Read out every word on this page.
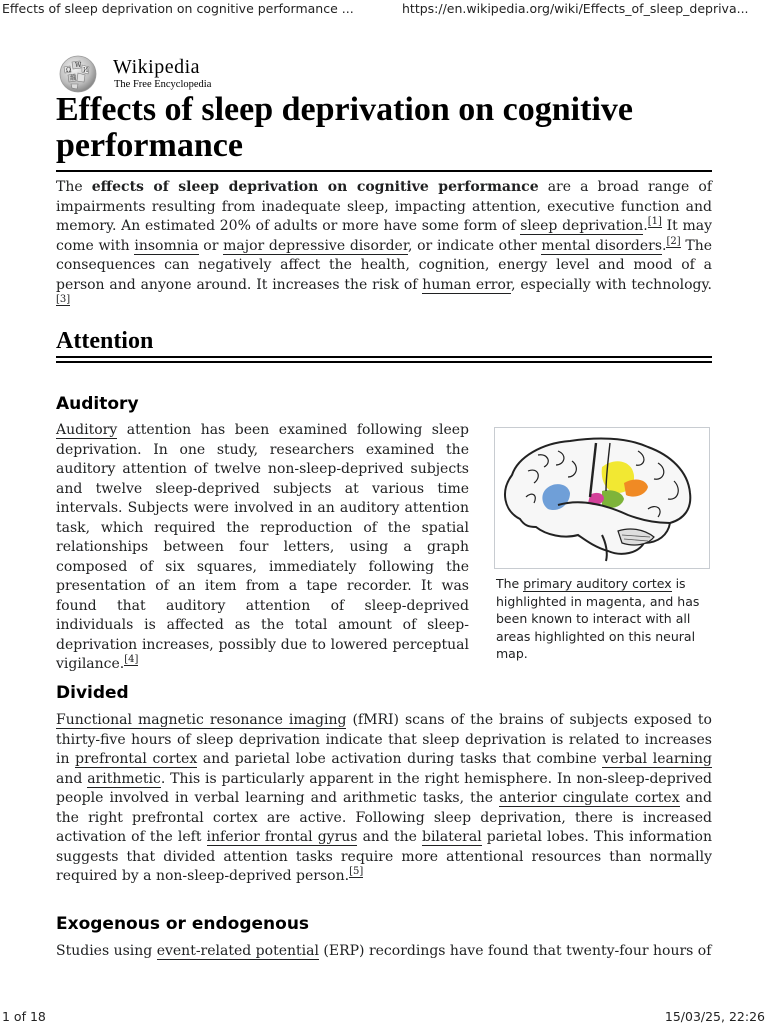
Effects of sleep deprivation on cognitive performance ...	https://en.wikipedia.org/wiki/Effects_of_sleep_depriva...
Ω
W
И
維
Wikipedia
The Free Encyclopedia
Effects of sleep deprivation on cognitive performance
The effects of sleep deprivation on cognitive performance are a broad range of impairments resulting from inadequate sleep, impacting attention, executive function and memory. An estimated 20% of adults or more have some form of sleep deprivation.[1] It may come with insomnia or major depressive disorder, or indicate other mental disorders.[2] The consequences can negatively affect the health, cognition, energy level and mood of a person and anyone around. It increases the risk of human error, especially with technology.[3]
Attention
Auditory
Auditory attention has been examined following sleep deprivation. In one study, researchers examined the auditory attention of twelve non-sleep-deprived subjects and twelve sleep-deprived subjects at various time intervals. Subjects were involved in an auditory attention task, which required the reproduction of the spatial relationships between four letters, using a graph composed of six squares, immediately following the presentation of an item from a tape recorder. It was found that auditory attention of sleep-deprived individuals is affected as the total amount of sleep-deprivation increases, possibly due to lowered perceptual vigilance.[4]
The primary auditory cortex is highlighted in magenta, and has been known to interact with all areas highlighted on this neural map.
Divided
Functional magnetic resonance imaging (fMRI) scans of the brains of subjects exposed to thirty-five hours of sleep deprivation indicate that sleep deprivation is related to increases in prefrontal cortex and parietal lobe activation during tasks that combine verbal learning and arithmetic. This is particularly apparent in the right hemisphere. In non-sleep-deprived people involved in verbal learning and arithmetic tasks, the anterior cingulate cortex and the right prefrontal cortex are active. Following sleep deprivation, there is increased activation of the left inferior frontal gyrus and the bilateral parietal lobes. This information suggests that divided attention tasks require more attentional resources than normally required by a non-sleep-deprived person.[5]
Exogenous or endogenous
Studies using event-related potential (ERP) recordings have found that twenty-four hours of
1 of 18	15/03/25, 22:26
